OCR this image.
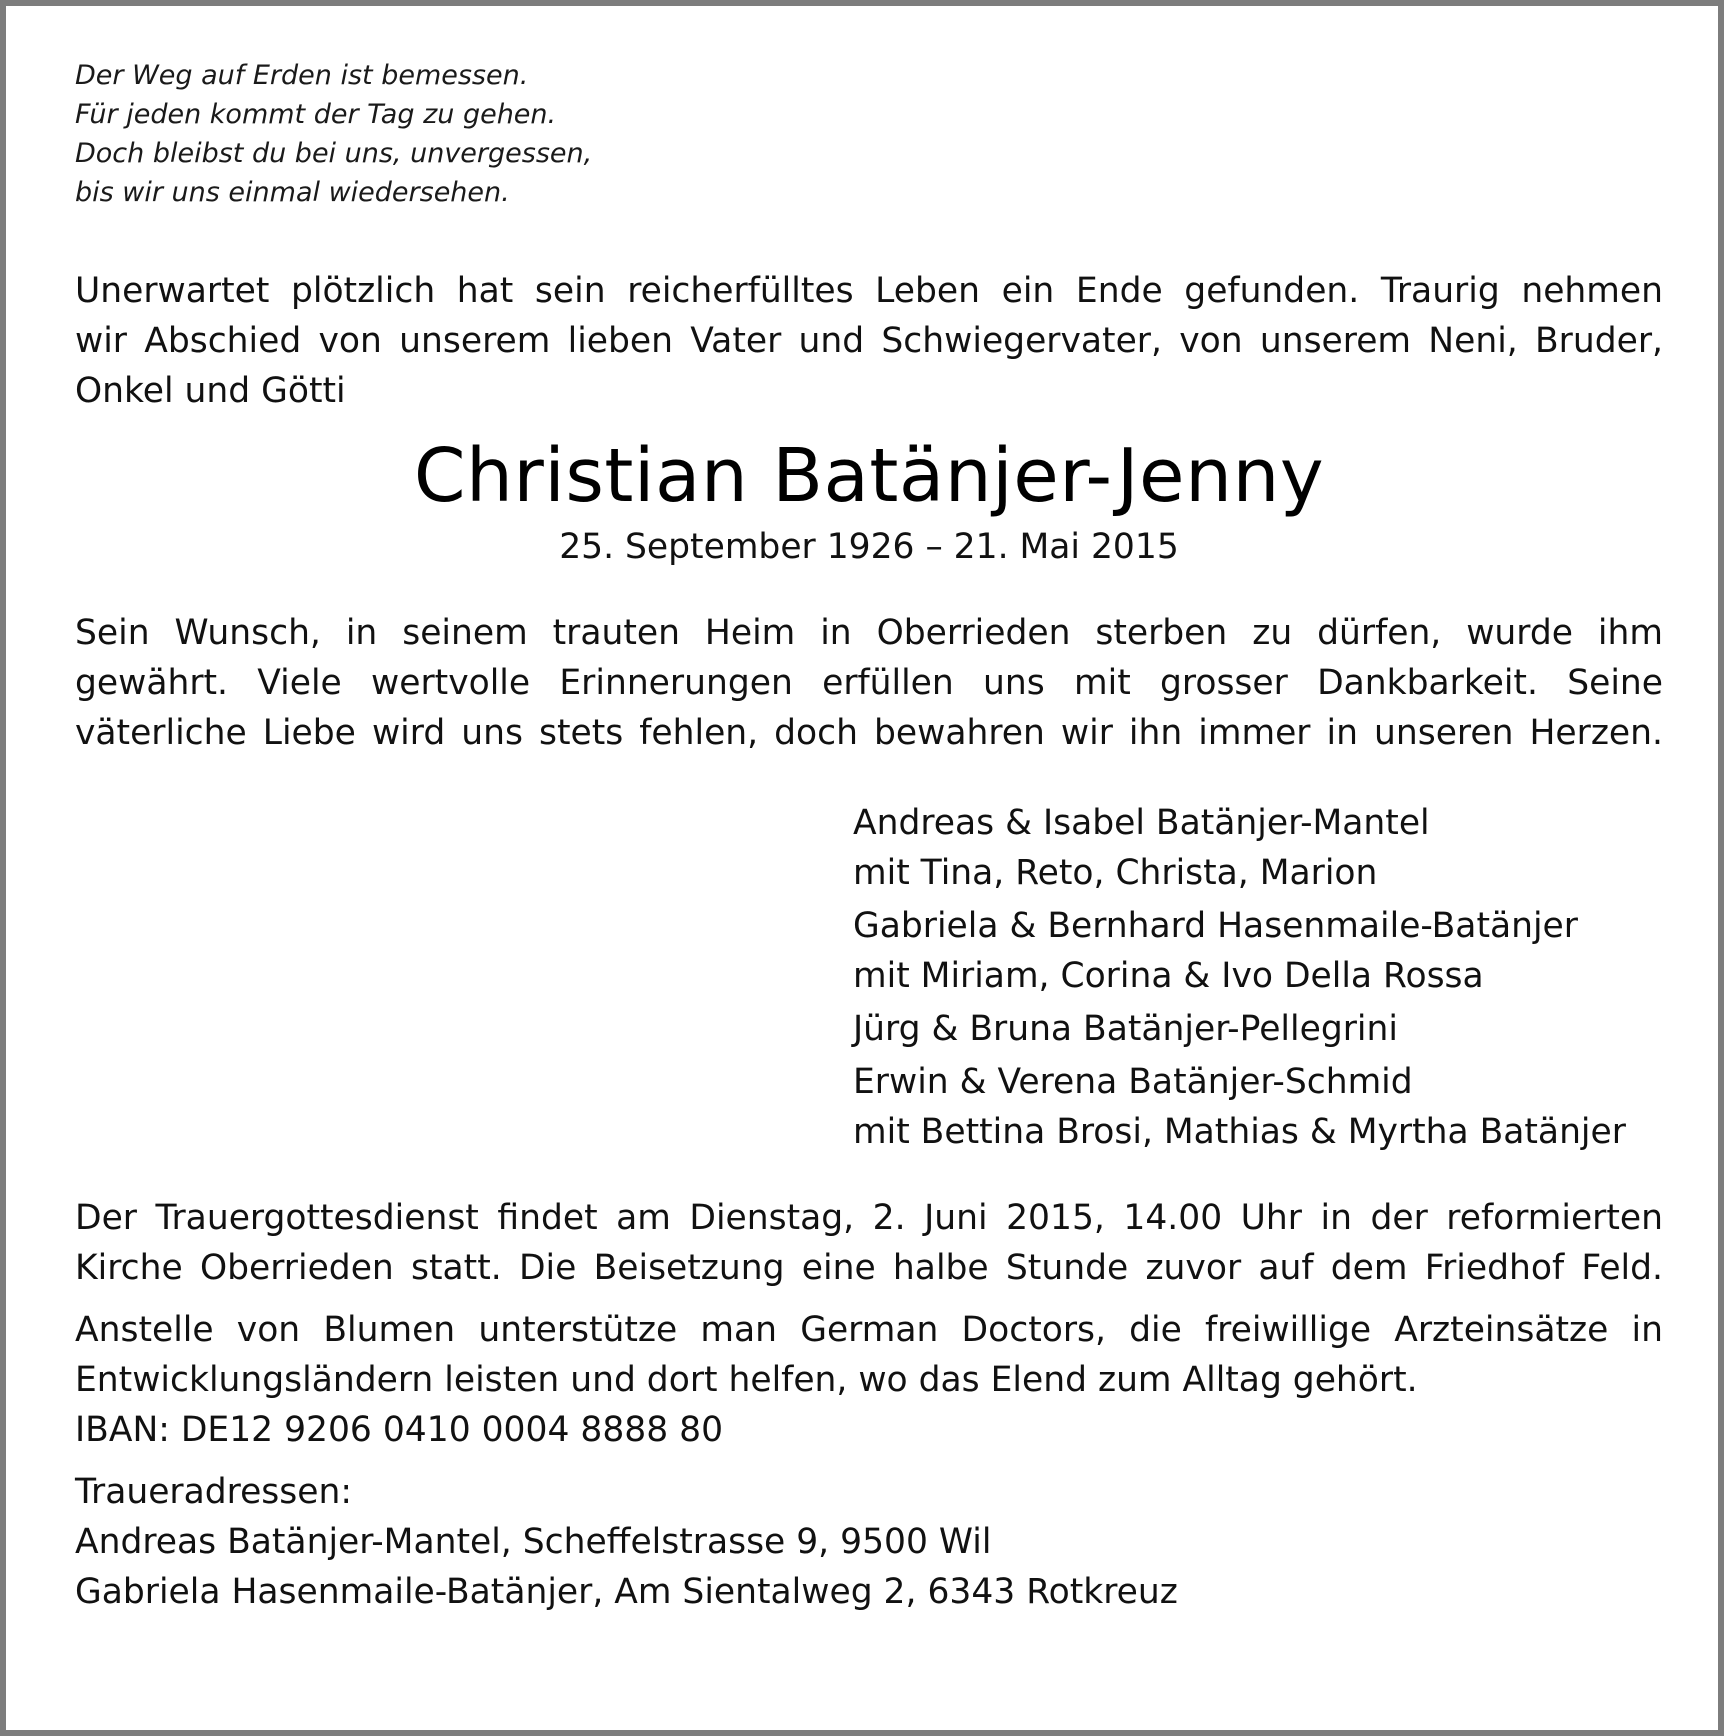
Der Weg auf Erden ist bemessen.
Für jeden kommt der Tag zu gehen.
Doch bleibst du bei uns, unvergessen,
bis wir uns einmal wiedersehen.
Unerwartet plötzlich hat sein reicherfülltes Leben ein Ende gefunden. Traurig nehmen
wir Abschied von unserem lieben Vater und Schwiegervater, von unserem Neni, Bruder,
Onkel und Götti
Christian Batänjer-Jenny
25. September 1926 – 21. Mai 2015
Sein Wunsch, in seinem trauten Heim in Oberrieden sterben zu dürfen, wurde ihm
gewährt. Viele wertvolle Erinnerungen erfüllen uns mit grosser Dankbarkeit. Seine
väterliche Liebe wird uns stets fehlen, doch bewahren wir ihn immer in unseren Herzen.
Andreas & Isabel Batänjer-Mantel
mit Tina, Reto, Christa, Marion
Gabriela & Bernhard Hasenmaile-Batänjer
mit Miriam, Corina & Ivo Della Rossa
Jürg & Bruna Batänjer-Pellegrini
Erwin & Verena Batänjer-Schmid
mit Bettina Brosi, Mathias & Myrtha Batänjer
Der Trauergottesdienst findet am Dienstag, 2. Juni 2015, 14.00 Uhr in der reformierten
Kirche Oberrieden statt. Die Beisetzung eine halbe Stunde zuvor auf dem Friedhof Feld.
Anstelle von Blumen unterstütze man German Doctors, die freiwillige Arzteinsätze in
Entwicklungsländern leisten und dort helfen, wo das Elend zum Alltag gehört.
IBAN: DE12 9206 0410 0004 8888 80
Traueradressen:
Andreas Batänjer-Mantel, Scheffelstrasse 9, 9500 Wil
Gabriela Hasenmaile-Batänjer, Am Sientalweg 2, 6343 Rotkreuz
